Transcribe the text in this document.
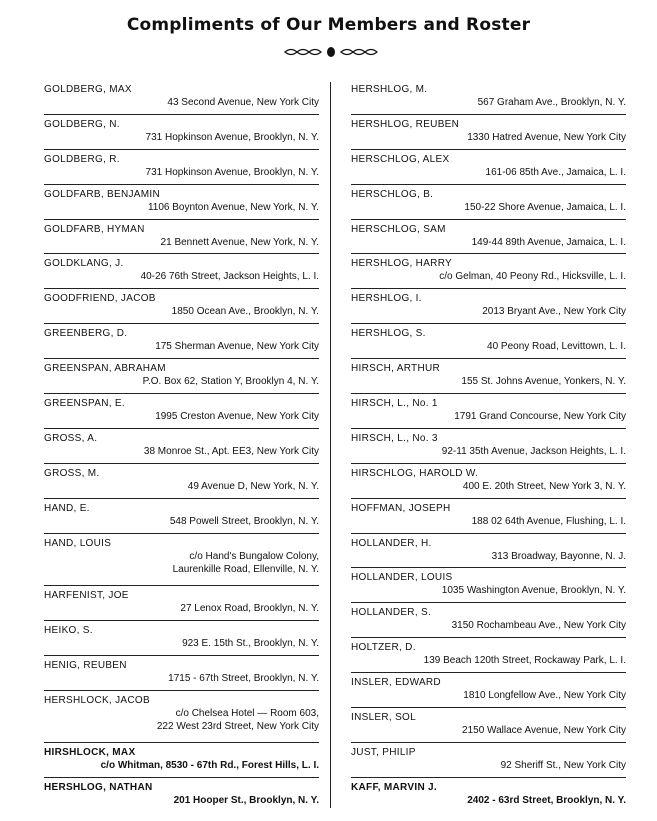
Compliments of Our Members and Roster
GOLDBERG, MAX
43 Second Avenue, New York City
GOLDBERG, N.
731 Hopkinson Avenue, Brooklyn, N. Y.
GOLDBERG, R.
731 Hopkinson Avenue, Brooklyn, N. Y.
GOLDFARB, BENJAMIN
1106 Boynton Avenue, New York, N. Y.
GOLDFARB, HYMAN
21 Bennett Avenue, New York, N. Y.
GOLDKLANG, J.
40-26 76th Street, Jackson Heights, L. I.
GOODFRIEND, JACOB
1850 Ocean Ave., Brooklyn, N. Y.
GREENBERG, D.
175 Sherman Avenue, New York City
GREENSPAN, ABRAHAM
P.O. Box 62, Station Y, Brooklyn 4, N. Y.
GREENSPAN, E.
1995 Creston Avenue, New York City
GROSS, A.
38 Monroe St., Apt. EE3, New York City
GROSS, M.
49 Avenue D, New York, N. Y.
HAND, E.
548 Powell Street, Brooklyn, N. Y.
HAND, LOUIS
c/o Hand's Bungalow Colony,
Laurenkille Road, Ellenville, N. Y.
HARFENIST, JOE
27 Lenox Road, Brooklyn, N. Y.
HEIKO, S.
923 E. 15th St., Brooklyn, N. Y.
HENIG, REUBEN
1715 - 67th Street, Brooklyn, N. Y.
HERSHLOCK, JACOB
c/o Chelsea Hotel — Room 603,
222 West 23rd Street, New York City
HIRSHLOCK, MAX
c/o Whitman, 8530 - 67th Rd., Forest Hills, L. I.
HERSHLOG, NATHAN
201 Hooper St., Brooklyn, N. Y.
HERSHLOG, M.
567 Graham Ave., Brooklyn, N. Y.
HERSHLOG, REUBEN
1330 Hatred Avenue, New York City
HERSCHLOG, ALEX
161-06 85th Ave., Jamaica, L. I.
HERSCHLOG, B.
150-22 Shore Avenue, Jamaica, L. I.
HERSCHLOG, SAM
149-44 89th Avenue, Jamaica, L. I.
HERSHLOG, HARRY
c/o Gelman, 40 Peony Rd., Hicksville, L. I.
HERSHLOG, I.
2013 Bryant Ave., New York City
HERSHLOG, S.
40 Peony Road, Levittown, L. I.
HIRSCH, ARTHUR
155 St. Johns Avenue, Yonkers, N. Y.
HIRSCH, L., No. 1
1791 Grand Concourse, New York City
HIRSCH, L., No. 3
92-11 35th Avenue, Jackson Heights, L. I.
HIRSCHLOG, HAROLD W.
400 E. 20th Street, New York 3, N. Y.
HOFFMAN, JOSEPH
188 02 64th Avenue, Flushing, L. I.
HOLLANDER, H.
313 Broadway, Bayonne, N. J.
HOLLANDER, LOUIS
1035 Washington Avenue, Brooklyn, N. Y.
HOLLANDER, S.
3150 Rochambeau Ave., New York City
HOLTZER, D.
139 Beach 120th Street, Rockaway Park, L. I.
INSLER, EDWARD
1810 Longfellow Ave., New York City
INSLER, SOL
2150 Wallace Avenue, New York City
JUST, PHILIP
92 Sheriff St., New York City
KAFF, MARVIN J.
2402 - 63rd Street, Brooklyn, N. Y.
